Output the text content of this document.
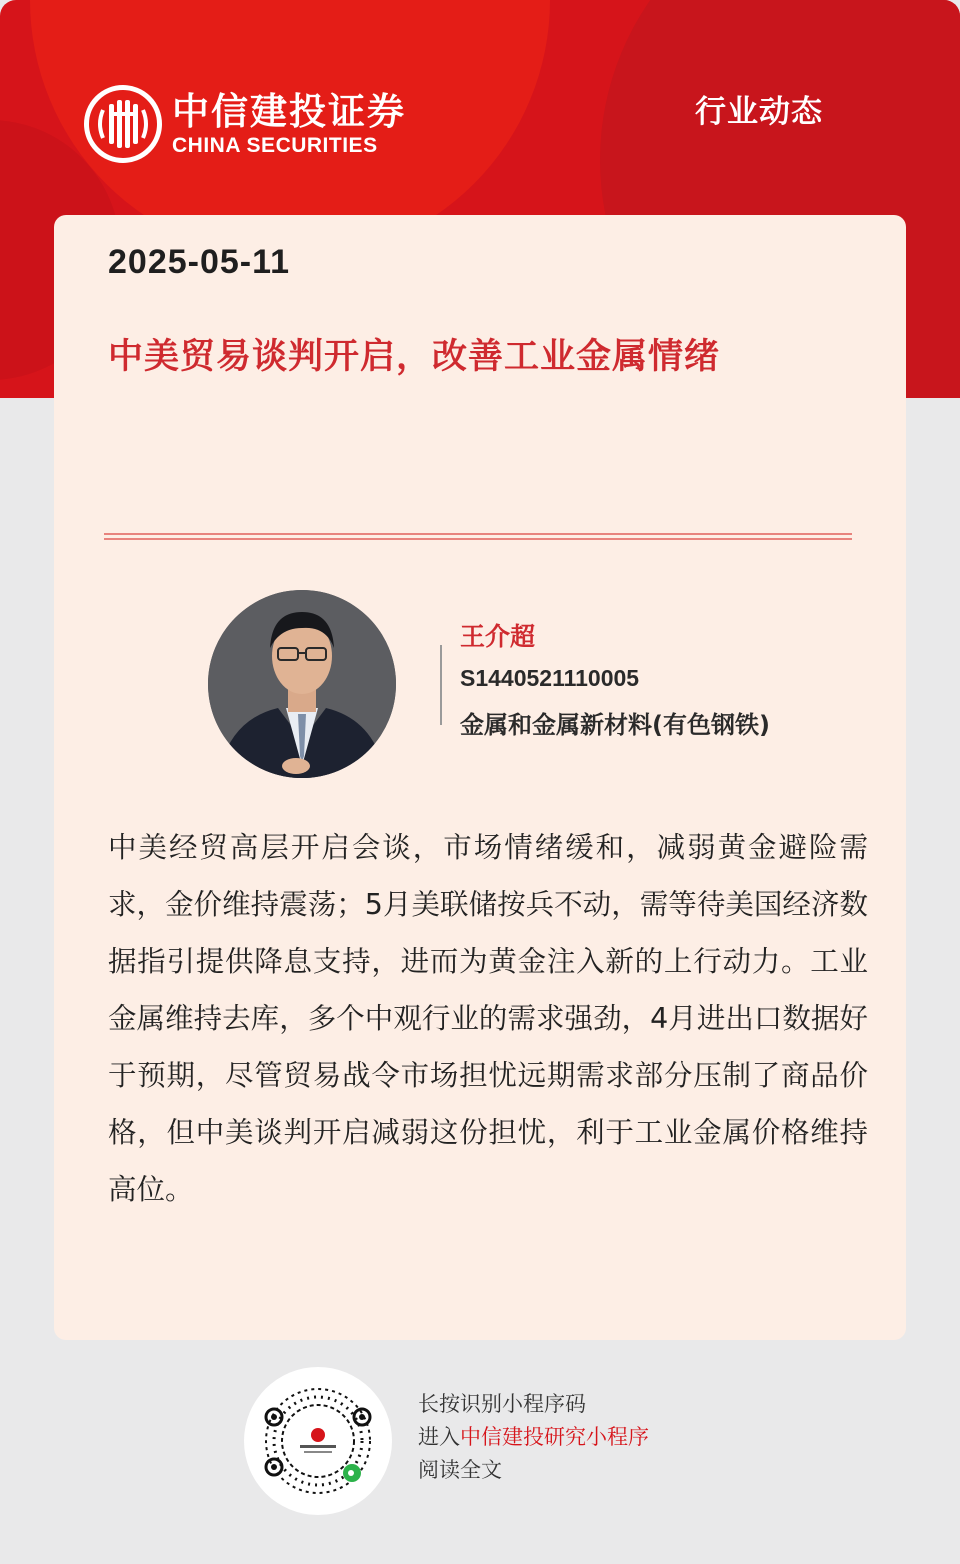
中信建投证券
CHINA SECURITIES
行业动态
2025-05-11
中美贸易谈判开启，改善工业金属情绪
王介超
S1440521110005
金属和金属新材料(有色钢铁)
中美经贸高层开启会谈，市场情绪缓和，减弱黄金避险需求，金价维持震荡；5月美联储按兵不动，需等待美国经济数据指引提供降息支持，进而为黄金注入新的上行动力。工业金属维持去库，多个中观行业的需求强劲，4月进出口数据好于预期，尽管贸易战令市场担忧远期需求部分压制了商品价格，但中美谈判开启减弱这份担忧，利于工业金属价格维持高位。
长按识别小程序码
进入中信建投研究小程序
阅读全文
